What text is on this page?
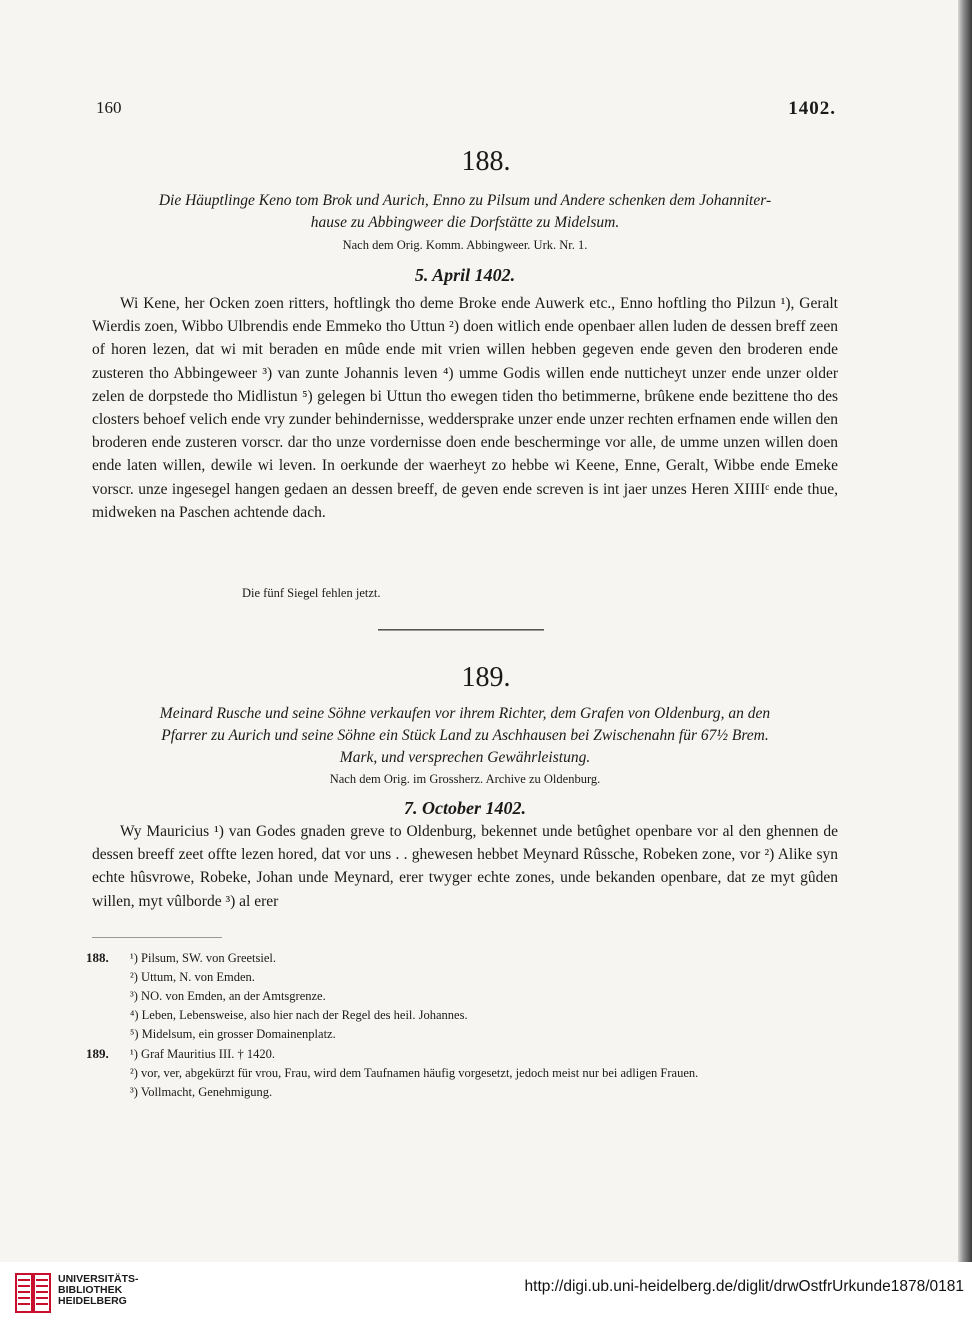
160	1402.
188.
Die Häuptlinge Keno tom Brok und Aurich, Enno zu Pilsum und Andere schenken dem Johanniter-
hause zu Abbingweer die Dorfstätte zu Midelsum.
Nach dem Orig. Komm. Abbingweer. Urk. Nr. 1.
5. April 1402.

Wi Kene, her Ocken zoen ritters, hoftlingk tho deme Broke ende Auwerk etc., Enno hoftling tho Pilzun ¹), Geralt Wierdis zoen, Wibbo Ulbrendis ende Emmeko tho Uttun ²) doen witlich ende openbaer allen luden de dessen breff zeen of horen lezen, dat wi mit beraden en mûde ende mit vrien willen hebben gegeven ende geven den broderen ende zusteren tho Abbingeweer ³) van zunte Johannis leven ⁴) umme Godis willen ende nutticheyt unzer ende unzer older zelen de dorpstede tho Midlistun ⁵) gelegen bi Uttun tho ewegen tiden tho betimmerne, brûkene ende bezittene tho des closters behoef velich ende vry zunder behindernisse, weddersprake unzer ende unzer rechten erfnamen ende willen den broderen ende zusteren vorscr. dar tho unze vordernisse doen ende bescherminge vor alle, de umme unzen willen doen ende laten willen, dewile wi leven. In oerkunde der waerheyt zo hebbe wi Keene, Enne, Geralt, Wibbe ende Emeke vorscr. unze ingesegel hangen gedaen an dessen breeff, de geven ende screven is int jaer unzes Heren XIIIIᶜ ende thue, midweken na Paschen achtende dach.

Die fünf Siegel fehlen jetzt.
189.
Meinard Rusche und seine Söhne verkaufen vor ihrem Richter, dem Grafen von Oldenburg, an den
Pfarrer zu Aurich und seine Söhne ein Stück Land zu Aschhausen bei Zwischenahn für 67½ Brem.
Mark, und versprechen Gewährleistung.
Nach dem Orig. im Grossherz. Archive zu Oldenburg.
7. October 1402.

Wy Mauricius ¹) van Godes gnaden greve to Oldenburg, bekennet unde betûghet openbare vor al den ghennen de dessen breeff zeet offte lezen hored, dat vor uns . . ghewesen hebbet Meynard Rûssche, Robeken zone, vor ²) Alike syn echte hûsvrowe, Robeke, Johan unde Meynard, erer twyger echte zones, unde bekanden openbare, dat ze myt gûden willen, myt vûlborde ³) al erer

188. ¹) Pilsum, SW. von Greetsiel.
²) Uttum, N. von Emden.
³) NO. von Emden, an der Amtsgrenze.
⁴) Leben, Lebensweise, also hier nach der Regel des heil. Johannes.
⁵) Midelsum, ein grosser Domainenplatz.
189. ¹) Graf Mauritius III. † 1420.
²) vor, ver, abgekürzt für vrou, Frau, wird dem Taufnamen häufig vorgesetzt, jedoch meist nur bei adligen Frauen.
³) Vollmacht, Genehmigung.
UNIVERSITÄTS-
BIBLIOTHEK
HEIDELBERG
http://digi.ub.uni-heidelberg.de/diglit/drwOstfrUrkunde1878/0181
